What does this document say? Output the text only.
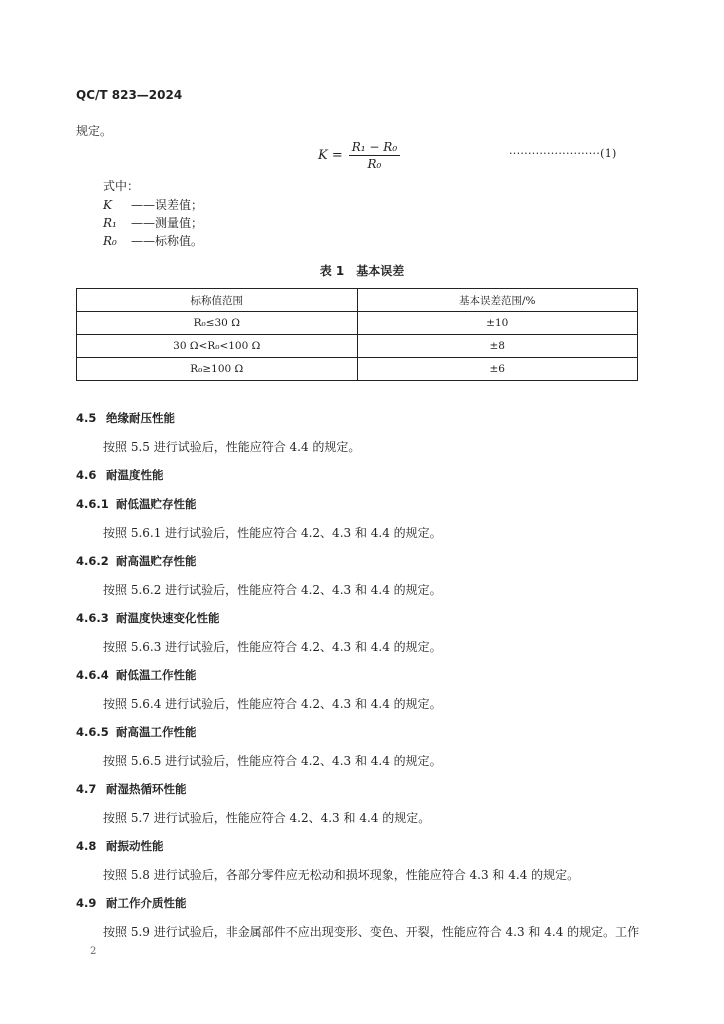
QC/T 823—2024
规定。
$K = \frac{\text{R₁ − R₀}}{\text{R₀}}$	························(1)
式中：
K ——误差值；
R₁ ——测量值；
R₀ ——标称值。
表 1　基本误差
标称值范围	基本误差范围/%
R₀≤30 Ω	±10
30 Ω<R₀<100 Ω	±8
R₀≥100 Ω	±6
4.5 绝缘耐压性能
按照 5.5 进行试验后，性能应符合 4.4 的规定。
4.6 耐温度性能
4.6.1 耐低温贮存性能
按照 5.6.1 进行试验后，性能应符合 4.2、4.3 和 4.4 的规定。
4.6.2 耐高温贮存性能
按照 5.6.2 进行试验后，性能应符合 4.2、4.3 和 4.4 的规定。
4.6.3 耐温度快速变化性能
按照 5.6.3 进行试验后，性能应符合 4.2、4.3 和 4.4 的规定。
4.6.4 耐低温工作性能
按照 5.6.4 进行试验后，性能应符合 4.2、4.3 和 4.4 的规定。
4.6.5 耐高温工作性能
按照 5.6.5 进行试验后，性能应符合 4.2、4.3 和 4.4 的规定。
4.7 耐湿热循环性能
按照 5.7 进行试验后，性能应符合 4.2、4.3 和 4.4 的规定。
4.8 耐振动性能
按照 5.8 进行试验后，各部分零件应无松动和损坏现象，性能应符合 4.3 和 4.4 的规定。
4.9 耐工作介质性能
按照 5.9 进行试验后，非金属部件不应出现变形、变色、开裂，性能应符合 4.3 和 4.4 的规定。工作
2
